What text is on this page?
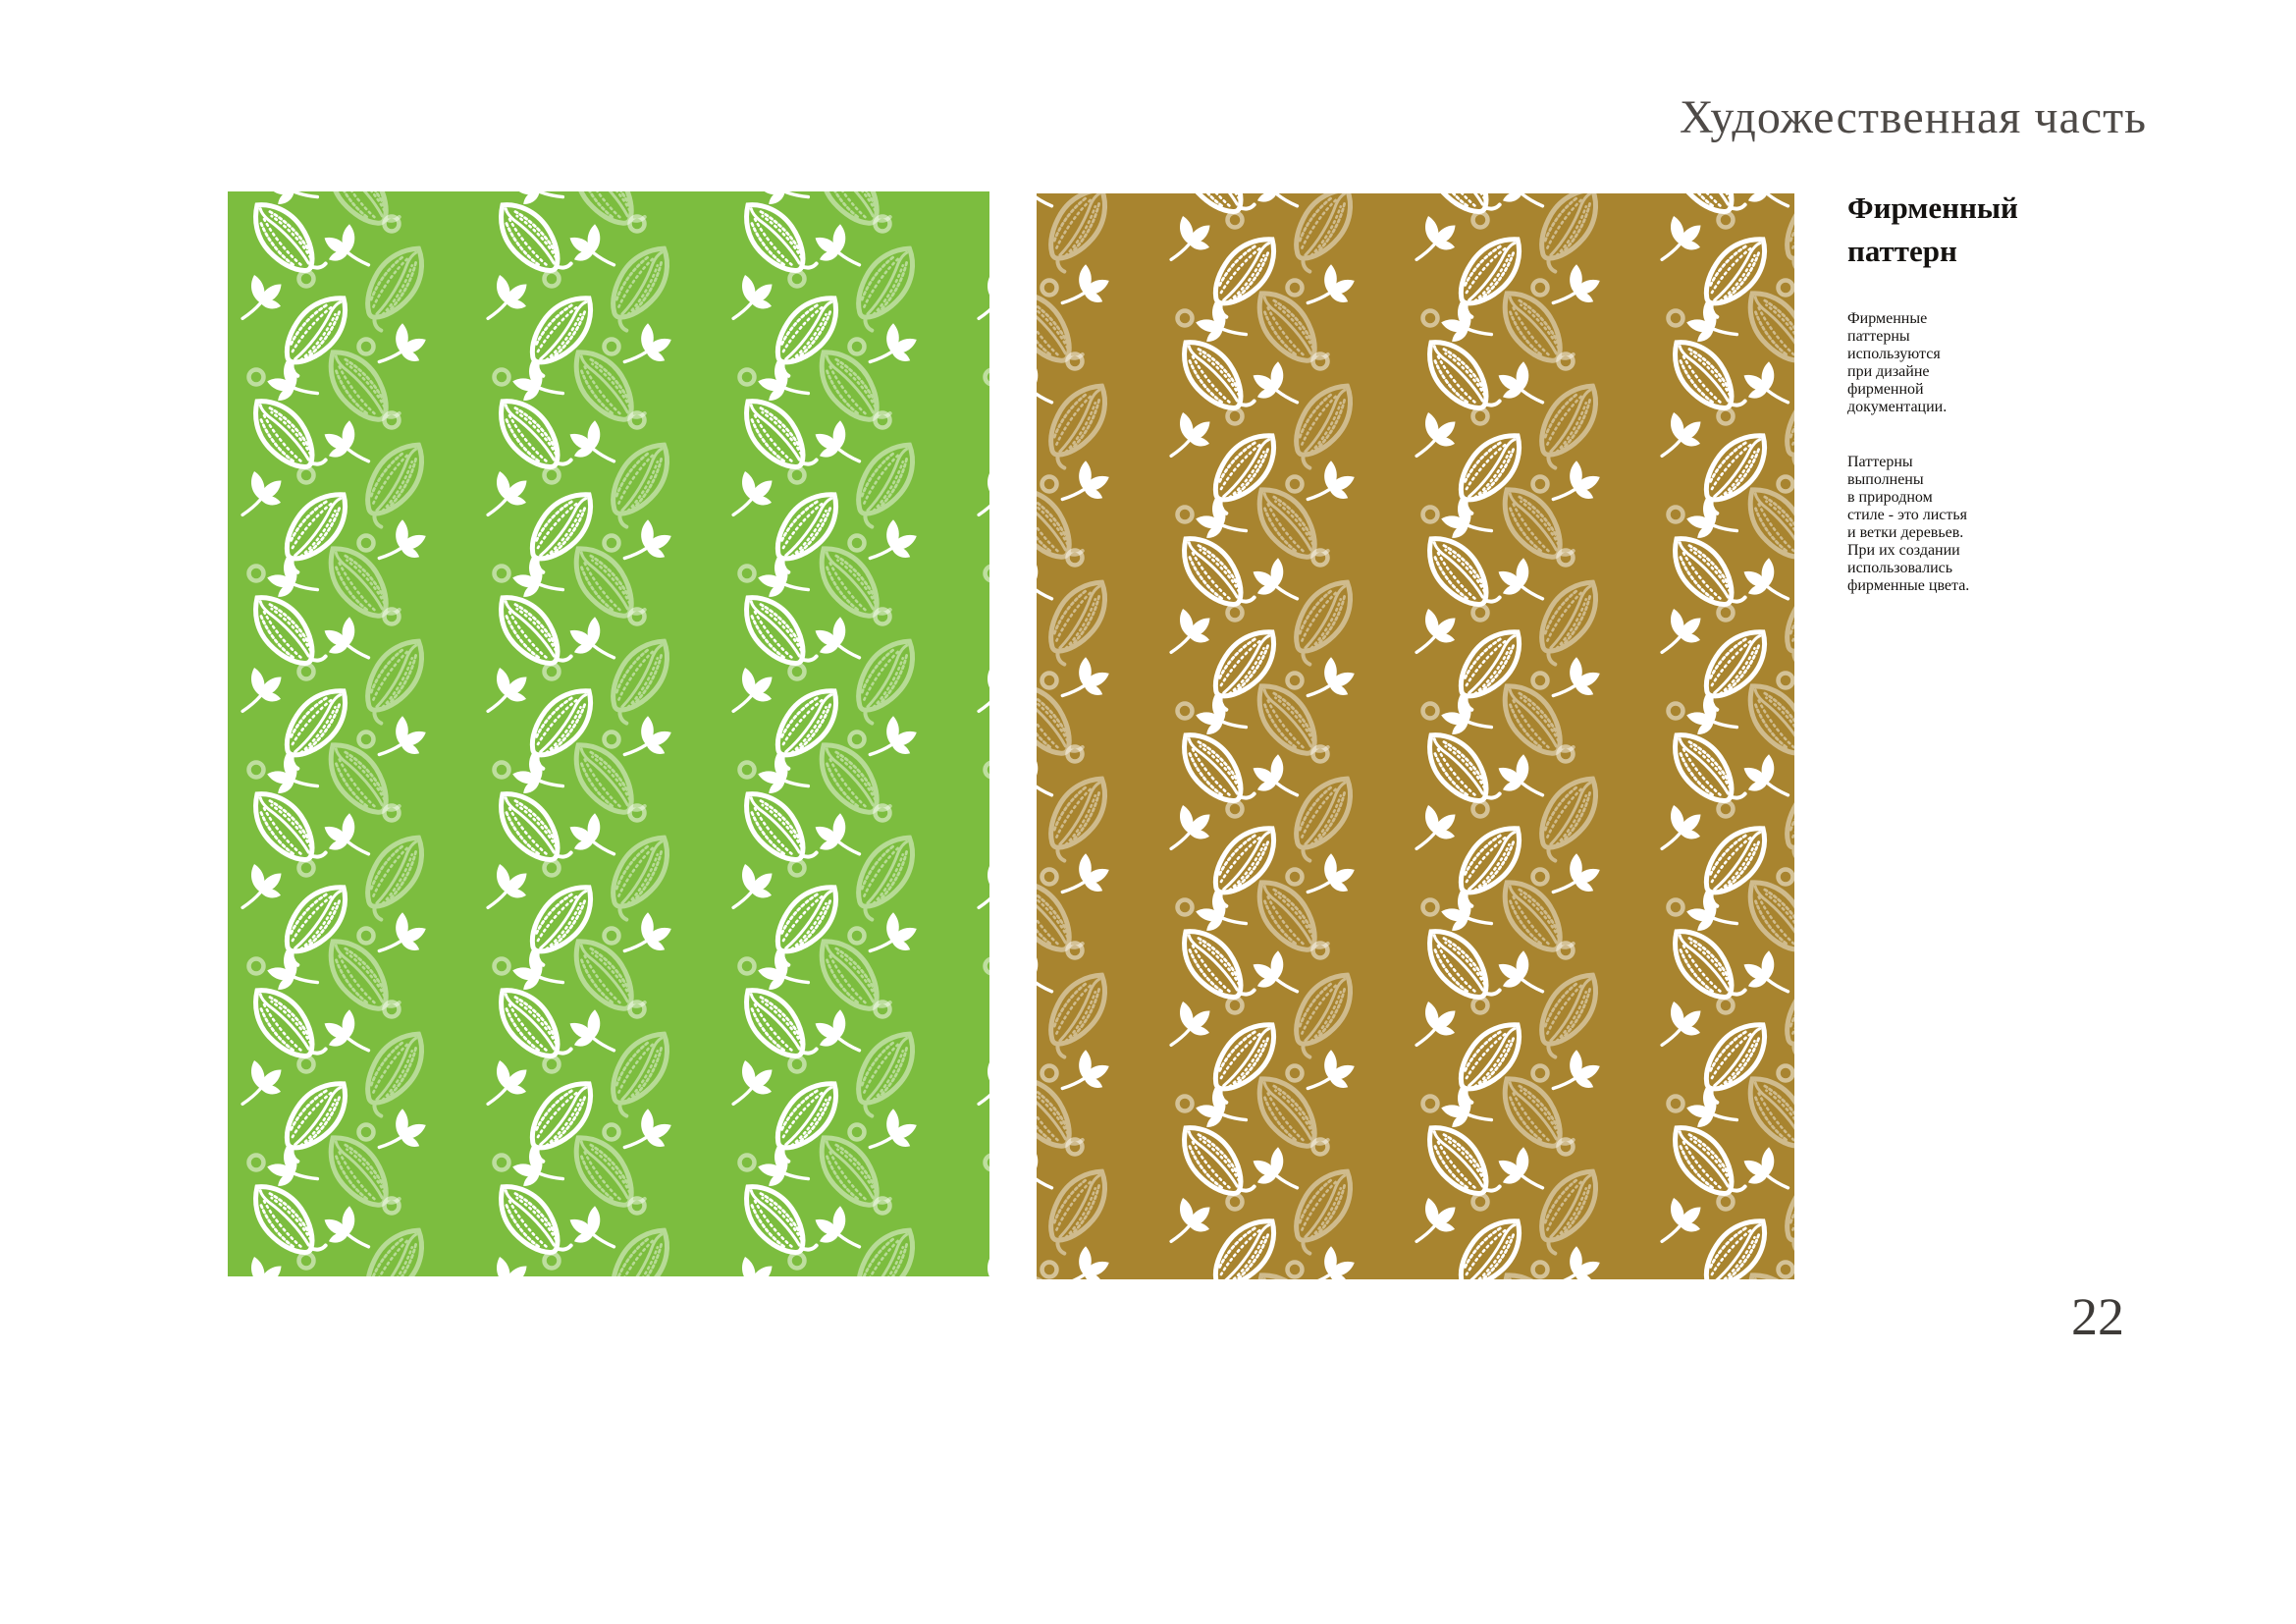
Художественная часть
Фирменный
паттерн

Фирменные
паттерны
используются
при дизайне
фирменной
документации.

Паттерны
выполнены
в природном
стиле - это листья
и ветки деревьев.
При их создании
использовались
фирменные цвета.

22
